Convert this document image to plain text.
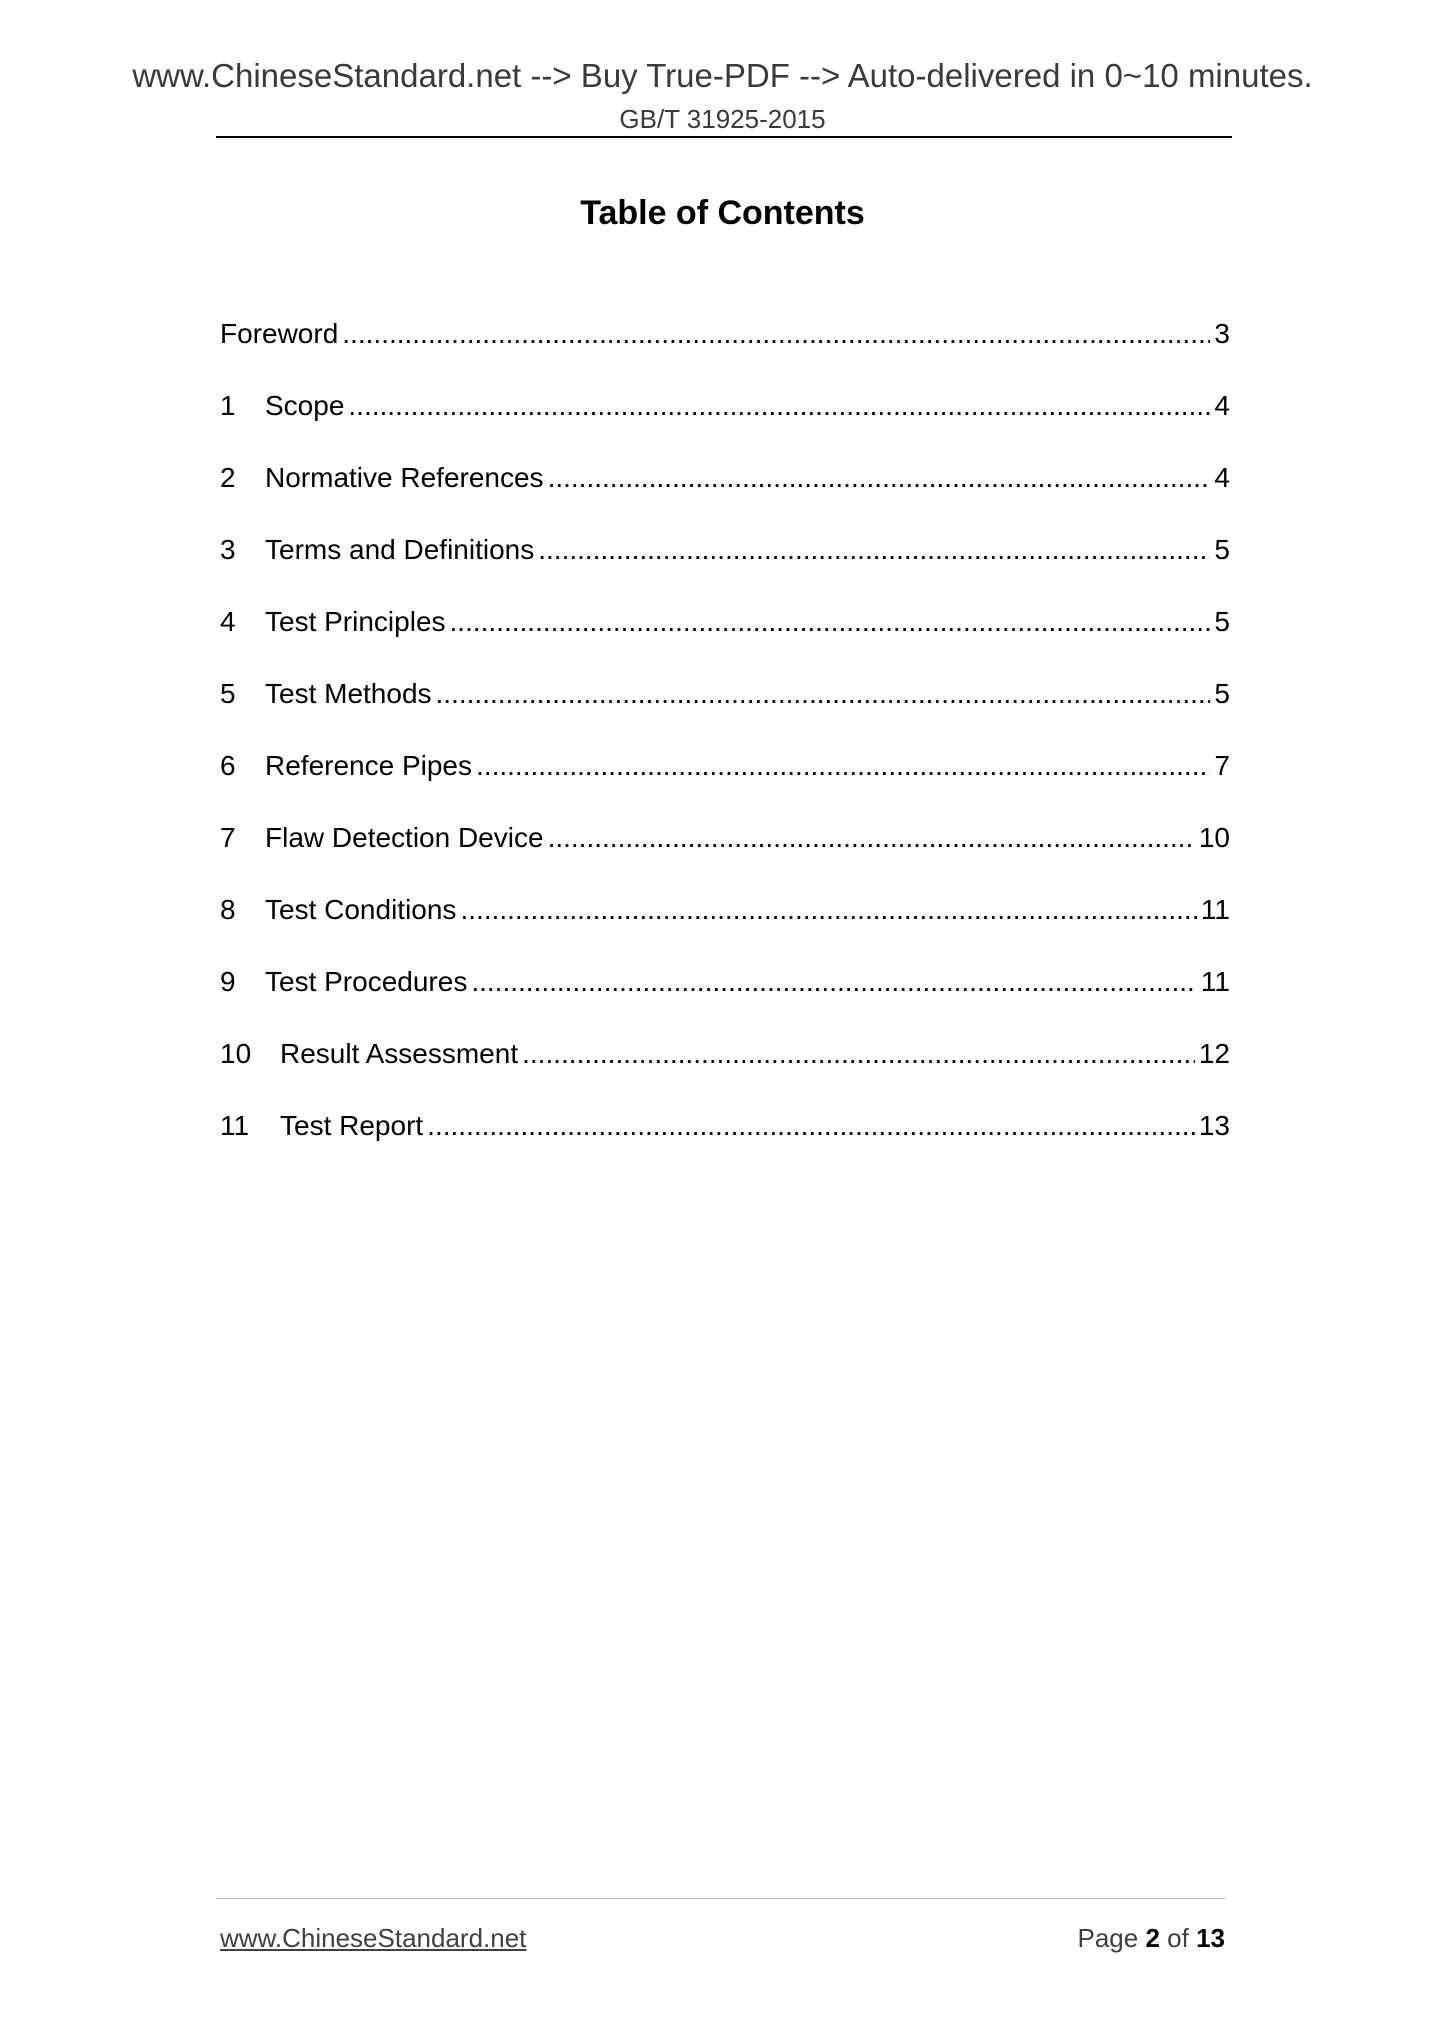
www.ChineseStandard.net --> Buy True-PDF --> Auto-delivered in 0~10 minutes.
GB/T 31925-2015
Table of Contents
Foreword .....	3
1	Scope .....	4
2	Normative References .....	4
3	Terms and Definitions .....	5
4	Test Principles .....	5
5	Test Methods .....	5
6	Reference Pipes .....	7
7	Flaw Detection Device .....	10
8	Test Conditions .....	11
9	Test Procedures .....	11
10	Result Assessment .....	12
11	Test Report .....	13
www.ChineseStandard.net	Page 2 of 13
